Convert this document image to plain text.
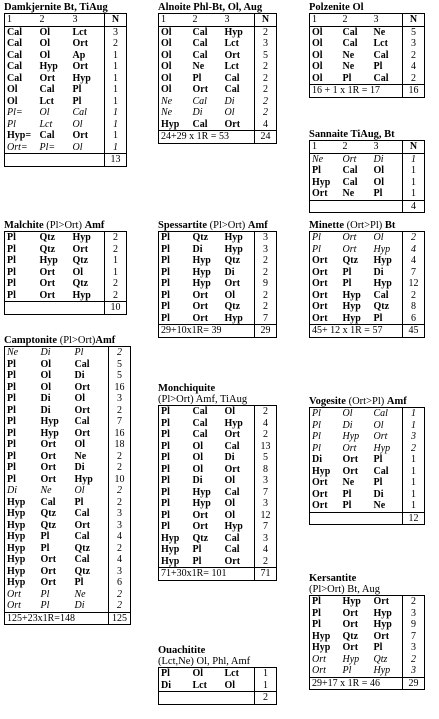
Damkjernite Bt, TiAug
1	2	3	N
Cal	Ol	Lct	3
Cal	Ol	Ort	2
Cal	Ol	Ap	1
Cal	Hyp	Ort	1
Cal	Ort	Hyp	1
Ol	Cal	Pl	1
Ol	Lct	Pl	1
Pl=	Ol	Cal	1
Pl	Lct	Ol	1
Hyp=	Cal	Ort	1
Ort=	Pl=	Ol	1
			13
Alnoite Phl-Bt, Ol, Aug
1	2	3	N
Ol	Cal	Hyp	2
Ol	Cal	Lct	3
Ol	Cal	Ort	5
Ol	Ne	Lct	2
Ol	Pl	Cal	2
Ol	Ort	Cal	2
Ne	Cal	Di	2
Ne	Di	Ol	2
Hyp	Cal	Ort	4
24+29 x 1R = 53			24
Polzenite Ol
1	2	3	N
Ol	Cal	Ne	5
Ol	Cal	Lct	3
Ol	Ne	Cal	2
Ol	Ne	Pl	4
Ol	Pl	Cal	2
16 + 1 x 1R = 17			16
Sannaite TiAug, Bt
1	2	3	N
Ne	Ort	Di	1
Pl	Cal	Ol	1
Hyp	Cal	Ol	1
Ort	Ne	Pl	1
			4
Malchite (Pl>Ort) Amf
Pl	Qtz	Hyp	2
Pl	Qtz	Ort	2
Pl	Hyp	Qtz	1
Pl	Ort	Ol	1
Pl	Ort	Qtz	2
Pl	Ort	Hyp	2
			10
Spessartite (Pl>Ort) Amf
Pl	Qtz	Hyp	3
Pl	Di	Hyp	3
Pl	Hyp	Qtz	2
Pl	Hyp	Di	2
Pl	Hyp	Ort	9
Pl	Ort	Ol	2
Pl	Ort	Qtz	2
Pl	Ort	Hyp	7
29+10x1R= 39			29
Minette (Ort>Pl) Bt
Pl	Ort	Ol	2
Pl	Ort	Hyp	4
Ort	Qtz	Hyp	4
Ort	Pl	Di	7
Ort	Pl	Hyp	12
Ort	Hyp	Cal	2
Ort	Hyp	Qtz	8
Ort	Hyp	Pl	6
45+ 12 x 1R = 57			45
Camptonite (Pl>Ort)Amf
Ne	Di	Pl	2
Pl	Ol	Cal	5
Pl	Ol	Di	5
Pl	Ol	Ort	16
Pl	Di	Ol	3
Pl	Di	Ort	2
Pl	Hyp	Cal	7
Pl	Hyp	Ort	16
Pl	Ort	Ol	18
Pl	Ort	Ne	2
Pl	Ort	Di	2
Pl	Ort	Hyp	10
Di	Ne	Ol	2
Hyp	Cal	Pl	2
Hyp	Qtz	Cal	3
Hyp	Qtz	Ort	3
Hyp	Pl	Cal	4
Hyp	Pl	Qtz	2
Hyp	Ort	Cal	4
Hyp	Ort	Qtz	3
Hyp	Ort	Pl	6
Ort	Pl	Ne	2
Ort	Pl	Di	2
125+23x1R=148			125
Monchiquite
(Pl>Ort) Amf, TiAug
Pl	Cal	Ol	2
Pl	Cal	Hyp	4
Pl	Cal	Ort	2
Pl	Ol	Cal	13
Pl	Ol	Di	5
Pl	Ol	Ort	8
Pl	Di	Ol	3
Pl	Hyp	Cal	7
Pl	Hyp	Ol	3
Pl	Ort	Ol	12
Pl	Ort	Hyp	7
Hyp	Qtz	Cal	3
Hyp	Pl	Cal	4
Hyp	Pl	Ort	2
71+30x1R= 101			71
Vogesite (Ort>Pl) Amf
Pl	Ol	Cal	1
Pl	Di	Ol	1
Pl	Hyp	Ort	3
Pl	Ort	Hyp	2
Di	Ort	Pl	1
Hyp	Ort	Cal	1
Ort	Ne	Pl	1
Ort	Pl	Di	1
Ort	Pl	Ne	1
			12
Kersantite
(Pl>Ort) Bt, Aug
Pl	Hyp	Ort	2
Pl	Ort	Hyp	3
Pl	Ort	Hyp	9
Hyp	Qtz	Ort	7
Hyp	Ort	Pl	3
Ort	Hyp	Qtz	2
Ort	Pl	Hyp	3
29+17 x 1R = 46			29
Ouachitite
(Lct,Ne) Ol, Phl, Amf
Pl	Ol	Lct	1
Di	Lct	Ol	1
			2
